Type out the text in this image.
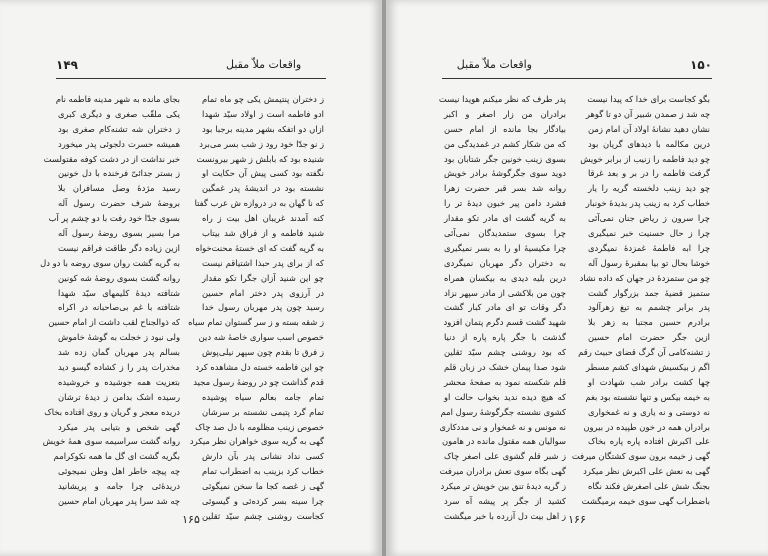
واقعات ملاّ مقبل
۱۴۹
ز دختران پنتیمش یکی چو ماه تمام
ادو فاطمه است ز اولاد سیّد شهدا
ازاں دو اتفکه بشهر مدینه برجبا بود
ز نو جدّا خود رود ز شب بسر می‌برد
شنیده بود که بابلش ز شهر بیرونست
نگفته بود کسی پیش آن حکایت او
نشسته بود در اندیشهٔ پدر غمگین
که نا گهان به در دروازه ش عرب گفتا
کنه آمدند غریبان اهل بیت ز راه
شنید فاطمه و از فراق شد بیتاب
به گریه گفت که ای خستهٔ محنت‌خواه
که از برای پدر حبذا اشتیاقم نیست
چو این شنید آزان جگرا تکو مقدار
در آرزوی پدر دختر امام حسین
رسید چون پدر مهربان رسول خدا
ز شقه بسته و ز سر گستوان تمام سیاه
خصوص اسب سواری خاصهٔ شه دین
ز فرق تا بقدم چون سپهر نیلی‌پوش
چو این فاطمه خسته دل مشاهده کرد
قدم گذاشت چو در روضهٔ رسول مجید
تمام جامه بعالم سیاه پوشیده
تمام گرد پتیمی نشسته بر سرشان
خصوص زینب مظلومه با دل صد چاک
گهی به گریه سوی خواهران نظر میکرد
کسی نداد نشانی پدر بآن دارش
خطاب کرد بزینب به اضطراب تمام
گهی ز غصه کجا ما سخن نمیگوئی
چرا سینه بسر کرده‌ئی و گیسوئی
کجاست روشنی چشم سیّد ثقلین
بجای مانده به شهر مدینه فاطمه نام
یکی ملقّب صغری و دیگری کبری
ز دختران شه تشنه‌کام صغری بود
همیشه حسرت دلجوئی پدر میخورد
خبر نداشت از در دشت کوفه مقتولست
ز بستر جدائیّ فرخنده با دل خونین
رسید مژدهٔ وصل مسافران بلا
بروضهٔ شرف حضرت رسول آله
بسوی جدّا خود رفت با دو چشم پر آب
مرا بسیر بسوی روضهٔ رسول آله
ازین زیاده دگر طاقت فراقم نیست
به گریه گشت روان سوی روضه با دو دل
روانه گشت بسوی روضهٔ شه کونین
شتافته دیدهٔ کلیمهای سیّد شهدا
شتافته با غم بی‌صاحبانه در اکراه
که ذوالجناح لقب داشت از امام حسین
ولی نبود ز خجلت به گوشهٔ خاموش
بسالم پدر مهربان گمان زده شد
مخدرات پدر را ز کشاده گیسو دید
بتعزیت همه جوشیده و خروشیده
رسیده اشک بدامن ز دیدهٔ ترشان
دریده معجر و گریان و روی افتاده بخاک
گهی شخص و بتیابی پدر میکرد
روانه گشت سراسیمه سوی همهٔ خویش
بگریه گشت ای گل ما همه نکوکرامم
چه پیچه خاطر اهل وطن نمیجوئی
دریدهٔ‌ئی چرا جامه و پریشانید
چه شد سرا پدر مهربان امام حسین
۱۶۵
واقعات ملاّ مقبل	۱۵۰
بگو کجاست برای خدا که پیدا نیست
چه شد ز صمدن شبیر آن دو تا گوهر
نشان دهید نشانهٔ اولاد آن امام زمن
درین مکالمه با دیدهای گریان بود
چو دید فاطمه را زنیب از برابر خویش
گرفت فاطمه را در بر و بعد غرقا
چو دید زینب دلخسته گریه را یار
خطاب کرد به زینب پدر بدیدهٔ خونبار
چرا سرون ز ریاض جنان نمی‌آئی
چرا ز حال حسنیت خبر نمیگیری
چرا ابه فاطمهٔ غمزدهٔ نمیگردی
خوشا بحال تو بیا بمقبرهٔ رسول آله
چو من ستمزدهٔ در جهان که داده نشاد
ستمیز قضیهٔ جمد بزرگوار گشت
پدر برابر چشمم به تیغ زهرآلود
برادرم حسین مجتبا به زهر بلا
ازین جگر حضرت امام حسین
ز تشنه‌کامی آن گرگ قضای حبیث رقم
اگم ز بیکسیش شهدای کشم مسطر
چها کشت برادر شب شهادت او
به خیمه بیکس و تنها نشسته بود بغم
نه دوستی و نه یاری و نه غمخواری
برادران همه در خون طپیده در بیرون
علی اکبرش افتاده پاره پاره بخاک
گهی ز خیمه برون سوی کشتگان میرفت
گهی به نعش علی اکبرش نظر میکرد
بجنگ شش علی اصغرش فکند نگاه
باضطراب گهی سوی خیمه برمیگشت
پدر طرف که نظر میکنم هویدا نیست
برادران من زار اصغر و اکبر
بیادگار بجا مانده از امام حسن
که من شکار کشم در غمدیدگی من
بسوی زینب خونین جگر شتابان بود
دوید سوی جگرگوشهٔ برادر خویش
روانه شد بسر قبر حضرت زهرا
فشرد دامن پیر خبون دیدهٔ تر را
به گریه گشت ای مادر تکو مقدار
چرا بسوی ستمدیدگان نمی‌آئی
چرا مکیسیهٔ او را به بسر نمیگیری
به دختران دگر مهربان نمیگردی
درین بلیه دیدی به بیکسان همراه
چون من بلاکشی از مادر سپهر نزاد
دگر وقات تو ای مادر کبار گشت
شهید گشت قسم دگرم پتمان افزود
گذشت با جگر پاره پاره از دنیا
که بود روشنی چشم سیّد ثقلین
شود صدا پیمان خشک در زبان قلم
قلم شکسته نمود به صفحهٔ محشر
که هیچ دیده ندید بخواب حالت او
کشوی نشسته جگرگوشهٔ رسول امم
نه مونس و نه غمخوار و نی مددکاری
سوالیان همه مقتول مانده در هامون
ز شبر قلم گشوی علی اصغر چاک
گهی بگاه سوی تعش برادران میرفت
ز گریه دیدهٔ تنق بین خویش تر میکرد
کشید از جگر پر پیشه آه سرد
ز اهل بیت دل آزرده با خبر میگشت ۱۶۶
